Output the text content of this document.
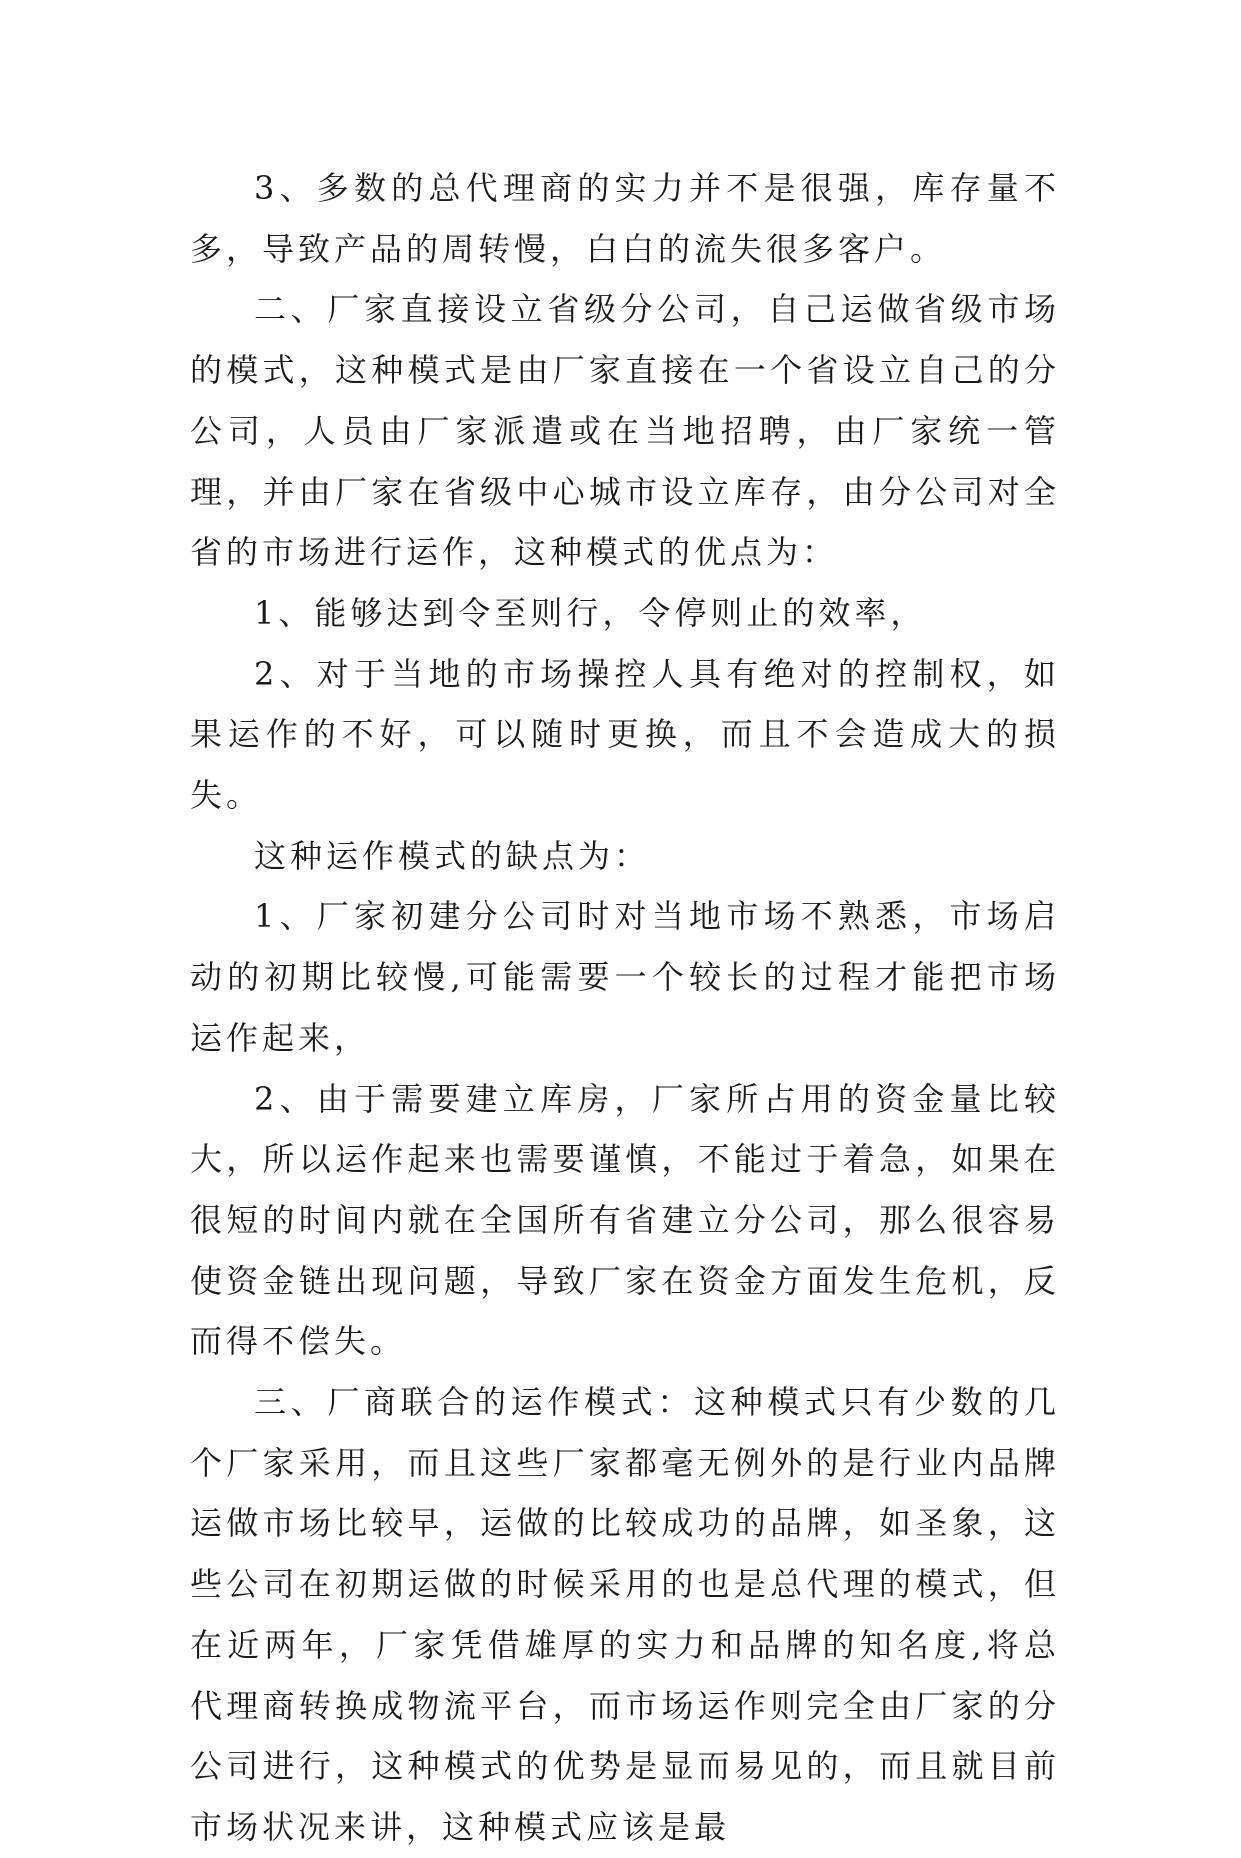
3、多数的总代理商的实力并不是很强，库存量不多，导致产品的周转慢，白白的流失很多客户。

二、厂家直接设立省级分公司，自己运做省级市场的模式，这种模式是由厂家直接在一个省设立自己的分公司，人员由厂家派遣或在当地招聘，由厂家统一管理，并由厂家在省级中心城市设立库存，由分公司对全省的市场进行运作，这种模式的优点为：

1、能够达到令至则行，令停则止的效率，

2、对于当地的市场操控人具有绝对的控制权，如果运作的不好，可以随时更换，而且不会造成大的损失。

这种运作模式的缺点为：

1、厂家初建分公司时对当地市场不熟悉，市场启动的初期比较慢,可能需要一个较长的过程才能把市场运作起来，

2、由于需要建立库房，厂家所占用的资金量比较大，所以运作起来也需要谨慎，不能过于着急，如果在很短的时间内就在全国所有省建立分公司，那么很容易使资金链出现问题，导致厂家在资金方面发生危机，反而得不偿失。

三、厂商联合的运作模式：这种模式只有少数的几个厂家采用，而且这些厂家都毫无例外的是行业内品牌运做市场比较早，运做的比较成功的品牌，如圣象，这些公司在初期运做的时候采用的也是总代理的模式，但在近两年，厂家凭借雄厚的实力和品牌的知名度,将总代理商转换成物流平台，而市场运作则完全由厂家的分公司进行，这种模式的优势是显而易见的，而且就目前市场状况来讲，这种模式应该是最
